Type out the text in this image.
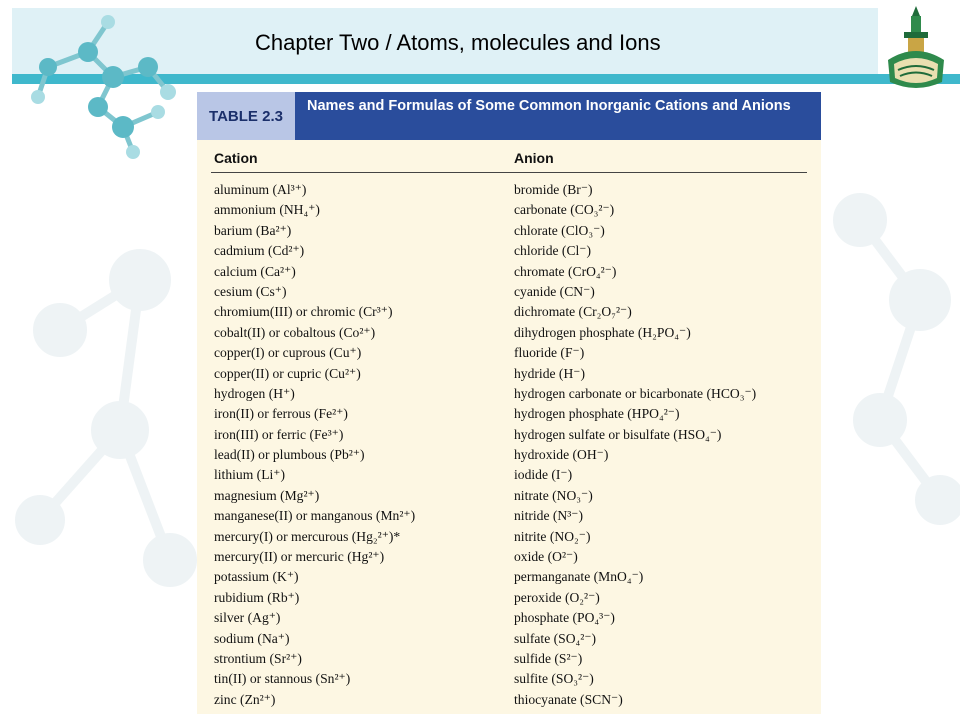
Chapter Two / Atoms, molecules and Ions
TABLE 2.3
Names and Formulas of Some Common Inorganic Cations and Anions
Cation	Anion
aluminum (Al³⁺)
ammonium (NH₄⁺)
barium (Ba²⁺)
cadmium (Cd²⁺)
calcium (Ca²⁺)
cesium (Cs⁺)
chromium(III) or chromic (Cr³⁺)
cobalt(II) or cobaltous (Co²⁺)
copper(I) or cuprous (Cu⁺)
copper(II) or cupric (Cu²⁺)
hydrogen (H⁺)
iron(II) or ferrous (Fe²⁺)
iron(III) or ferric (Fe³⁺)
lead(II) or plumbous (Pb²⁺)
lithium (Li⁺)
magnesium (Mg²⁺)
manganese(II) or manganous (Mn²⁺)
mercury(I) or mercurous (Hg₂²⁺)*
mercury(II) or mercuric (Hg²⁺)
potassium (K⁺)
rubidium (Rb⁺)
silver (Ag⁺)
sodium (Na⁺)
strontium (Sr²⁺)
tin(II) or stannous (Sn²⁺)
zinc (Zn²⁺)
bromide (Br⁻)
carbonate (CO₃²⁻)
chlorate (ClO₃⁻)
chloride (Cl⁻)
chromate (CrO₄²⁻)
cyanide (CN⁻)
dichromate (Cr₂O₇²⁻)
dihydrogen phosphate (H₂PO₄⁻)
fluoride (F⁻)
hydride (H⁻)
hydrogen carbonate or bicarbonate (HCO₃⁻)
hydrogen phosphate (HPO₄²⁻)
hydrogen sulfate or bisulfate (HSO₄⁻)
hydroxide (OH⁻)
iodide (I⁻)
nitrate (NO₃⁻)
nitride (N³⁻)
nitrite (NO₂⁻)
oxide (O²⁻)
permanganate (MnO₄⁻)
peroxide (O₂²⁻)
phosphate (PO₄³⁻)
sulfate (SO₄²⁻)
sulfide (S²⁻)
sulfite (SO₃²⁻)
thiocyanate (SCN⁻)
